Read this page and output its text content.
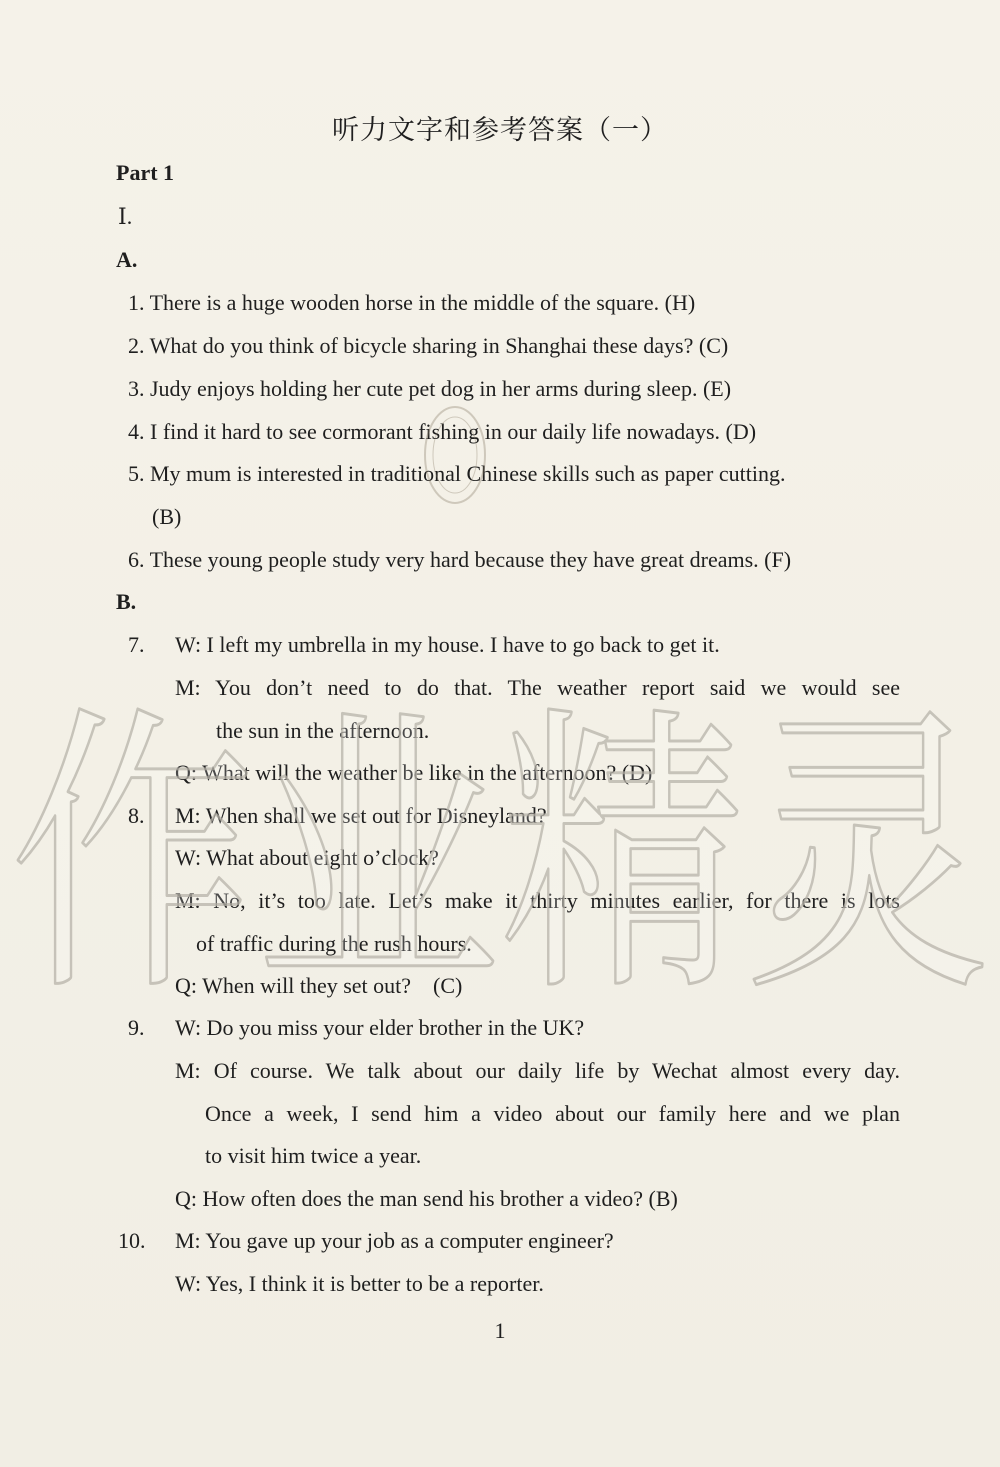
听力文字和参考答案（一）
Part 1
Ⅰ.
A.
1. There is a huge wooden horse in the middle of the square. (H)
2. What do you think of bicycle sharing in Shanghai these days? (C)
3. Judy enjoys holding her cute pet dog in her arms during sleep. (E)
4. I find it hard to see cormorant fishing in our daily life nowadays. (D)
5. My mum is interested in traditional Chinese skills such as paper cutting.
(B)
6. These young people study very hard because they have great dreams. (F)
B.
7. W: I left my umbrella in my house. I have to go back to get it.
M: You don’t need to do that. The weather report said we would see
the sun in the afternoon.
Q: What will the weather be like in the afternoon? (D)
8. M: When shall we set out for Disneyland?
W: What about eight o’clock?
M: No, it’s too late. Let’s make it thirty minutes earlier, for there is lots
of traffic during the rush hours.
Q: When will they set out?    (C)
9. W: Do you miss your elder brother in the UK?
M: Of course. We talk about our daily life by Wechat almost every day.
Once a week, I send him a video about our family here and we plan
to visit him twice a year.
Q: How often does the man send his brother a video? (B)
10. M: You gave up your job as a computer engineer?
W: Yes, I think it is better to be a reporter.
1
作业精灵
